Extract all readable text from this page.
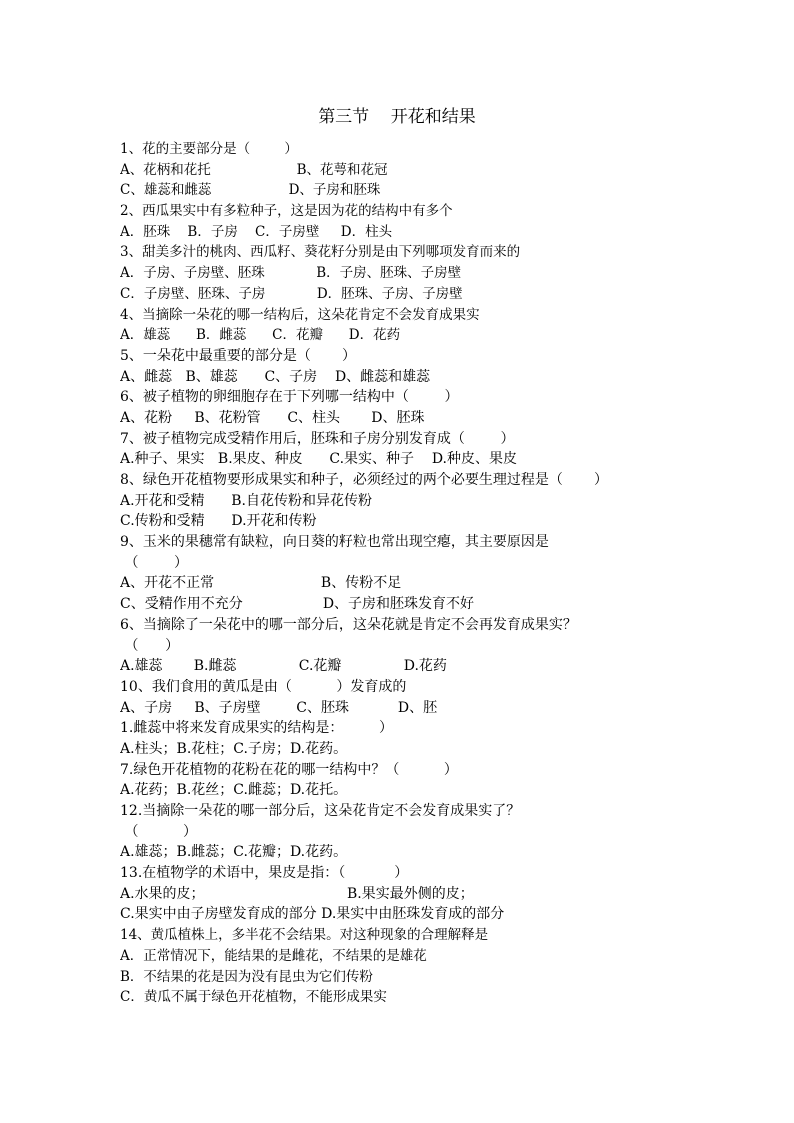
第三节    开花和结果
1、花的主要部分是（        ）
A、花柄和花托                    B、花萼和花冠
C、雄蕊和雌蕊                  D、子房和胚珠
2、西瓜果实中有多粒种子，这是因为花的结构中有多个
A．胚珠    B．子房    C．子房壁     D．柱头
3、甜美多汁的桃肉、西瓜籽、葵花籽分别是由下列哪项发育而来的
A．子房、子房壁、胚珠            B．子房、胚珠、子房壁
C．子房壁、胚珠、子房            D．胚珠、子房、子房壁
4、当摘除一朵花的哪一结构后，这朵花肯定不会发育成果实
A．雄蕊      B．雌蕊      C．花瓣      D．花药
5、一朵花中最重要的部分是（       ）
A、雌蕊   B、雄蕊      C、子房    D、雌蕊和雄蕊
6、被子植物的卵细胞存在于下列哪一结构中（        ）
A、花粉     B、花粉管      C、柱头       D、胚珠
7、被子植物完成受精作用后，胚珠和子房分别发育成（        ）
A.种子、果实   B.果皮、种皮      C.果实、种子    D.种皮、果皮
8、绿色开花植物要形成果实和种子，必须经过的两个必要生理过程是（       ）
A.开花和受精      B.自花传粉和异花传粉
C.传粉和受精      D.开花和传粉
9、玉米的果穗常有缺粒，向日葵的籽粒也常出现空瘪，其主要原因是
（        ）
A、开花不正常                        B、传粉不足
C、受精作用不充分                  D、子房和胚珠发育不好
6、当摘除了一朵花中的哪一部分后，这朵花就是肯定不会再发育成果实？
（      ）
A.雄蕊       B.雌蕊              C.花瓣              D.花药
10、我们食用的黄瓜是由（          ）发育成的
A、子房     B、子房壁        C、胚珠           D、胚
1.雌蕊中将来发育成果实的结构是：        ）
A.柱头；B.花柱；C.子房；D.花药。
7.绿色开花植物的花粉在花的哪一结构中？（          ）
A.花药；B.花丝；C.雌蕊；D.花托。
12.当摘除一朵花的哪一部分后，这朵花肯定不会发育成果实了？
（          ）
A.雄蕊；B.雌蕊；C.花瓣；D.花药。
13.在植物学的术语中，果皮是指：（           ）
A.水果的皮；                                B.果实最外侧的皮；
C.果实中由子房壁发育成的部分 D.果实中由胚珠发育成的部分
14、黄瓜植株上，多半花不会结果。对这种现象的合理解释是
A．正常情况下，能结果的是雌花，不结果的是雄花
B．不结果的花是因为没有昆虫为它们传粉
C．黄瓜不属于绿色开花植物，不能形成果实
